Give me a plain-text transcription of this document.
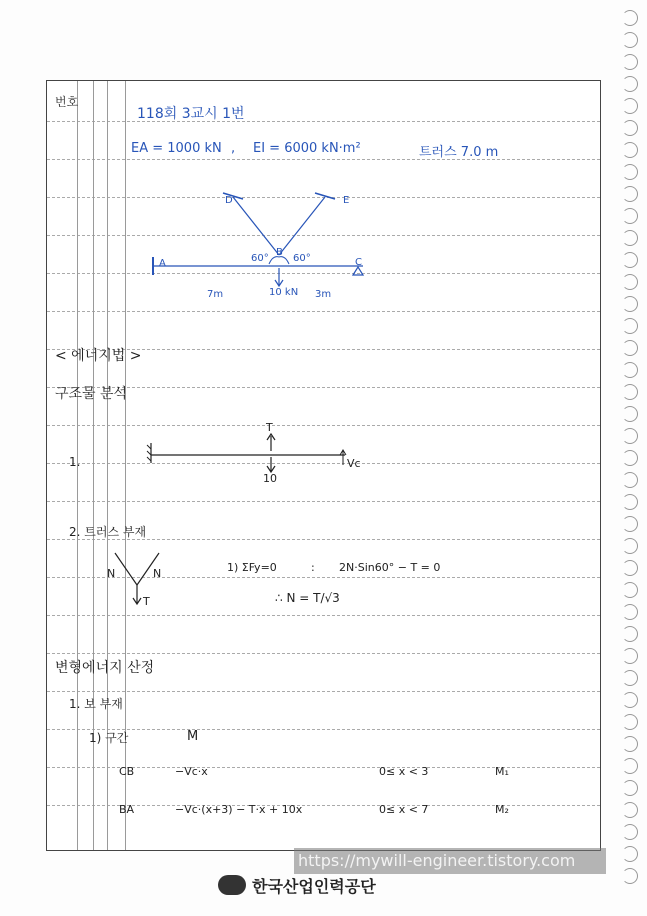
번호
118회 3교시 1번
EA = 1000 kN , EI = 6000 kN·m²	트러스 7.0 m
D	E
A
B
C
60° 60°
10 kN
7m	3m
< 에너지법 >
구조물 분석
1.
T
10
Vc
2. 트러스 부재
N	N
T
1) ΣFy=0	: 2N·Sin60° − T = 0
∴ N = T/√3
변형에너지 산정
1. 보 부재
1) 구간	M
CB	−Vc·x	0≤ x < 3	M₁
BA	−Vc·(x+3) − T·x + 10x	0≤ x < 7	M₂
https://mywill-engineer.tistory.com
한국산업인력공단
